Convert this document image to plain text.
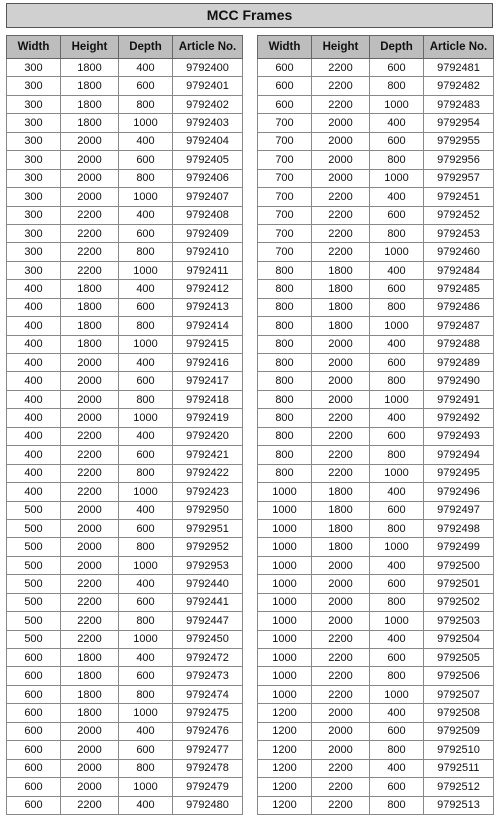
MCC Frames
Width	Height	Depth	Article No.
300	1800	400	9792400
300	1800	600	9792401
300	1800	800	9792402
300	1800	1000	9792403
300	2000	400	9792404
300	2000	600	9792405
300	2000	800	9792406
300	2000	1000	9792407
300	2200	400	9792408
300	2200	600	9792409
300	2200	800	9792410
300	2200	1000	9792411
400	1800	400	9792412
400	1800	600	9792413
400	1800	800	9792414
400	1800	1000	9792415
400	2000	400	9792416
400	2000	600	9792417
400	2000	800	9792418
400	2000	1000	9792419
400	2200	400	9792420
400	2200	600	9792421
400	2200	800	9792422
400	2200	1000	9792423
500	2000	400	9792950
500	2000	600	9792951
500	2000	800	9792952
500	2000	1000	9792953
500	2200	400	9792440
500	2200	600	9792441
500	2200	800	9792447
500	2200	1000	9792450
600	1800	400	9792472
600	1800	600	9792473
600	1800	800	9792474
600	1800	1000	9792475
600	2000	400	9792476
600	2000	600	9792477
600	2000	800	9792478
600	2000	1000	9792479
600	2200	400	9792480
Width	Height	Depth	Article No.
600	2200	600	9792481
600	2200	800	9792482
600	2200	1000	9792483
700	2000	400	9792954
700	2000	600	9792955
700	2000	800	9792956
700	2000	1000	9792957
700	2200	400	9792451
700	2200	600	9792452
700	2200	800	9792453
700	2200	1000	9792460
800	1800	400	9792484
800	1800	600	9792485
800	1800	800	9792486
800	1800	1000	9792487
800	2000	400	9792488
800	2000	600	9792489
800	2000	800	9792490
800	2000	1000	9792491
800	2200	400	9792492
800	2200	600	9792493
800	2200	800	9792494
800	2200	1000	9792495
1000	1800	400	9792496
1000	1800	600	9792497
1000	1800	800	9792498
1000	1800	1000	9792499
1000	2000	400	9792500
1000	2000	600	9792501
1000	2000	800	9792502
1000	2000	1000	9792503
1000	2200	400	9792504
1000	2200	600	9792505
1000	2200	800	9792506
1000	2200	1000	9792507
1200	2000	400	9792508
1200	2000	600	9792509
1200	2000	800	9792510
1200	2200	400	9792511
1200	2200	600	9792512
1200	2200	800	9792513
